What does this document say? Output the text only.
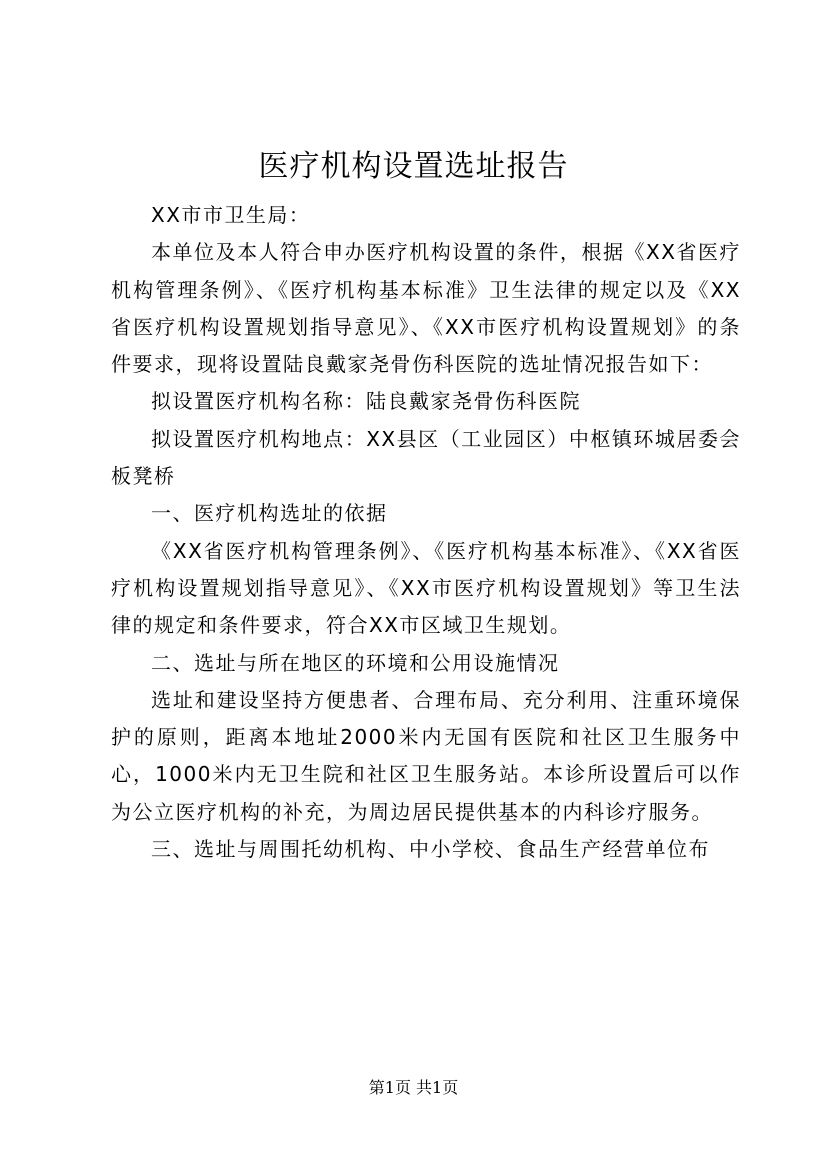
医疗机构设置选址报告

XX市市卫生局：

本单位及本人符合申办医疗机构设置的条件，根据《XX省医疗机构管理条例》、《医疗机构基本标准》卫生法律的规定以及《XX省医疗机构设置规划指导意见》、《XX市医疗机构设置规划》的条件要求，现将设置陆良戴家尧骨伤科医院的选址情况报告如下：

拟设置医疗机构名称：陆良戴家尧骨伤科医院

拟设置医疗机构地点：XX县区（工业园区）中枢镇环城居委会板凳桥

一、医疗机构选址的依据

《XX省医疗机构管理条例》、《医疗机构基本标准》、《XX省医疗机构设置规划指导意见》、《XX市医疗机构设置规划》等卫生法律的规定和条件要求，符合XX市区域卫生规划。

二、选址与所在地区的环境和公用设施情况

选址和建设坚持方便患者、合理布局、充分利用、注重环境保护的原则，距离本地址2000米内无国有医院和社区卫生服务中心，1000米内无卫生院和社区卫生服务站。本诊所设置后可以作为公立医疗机构的补充，为周边居民提供基本的内科诊疗服务。

三、选址与周围托幼机构、中小学校、食品生产经营单位布

第1页 共1页
